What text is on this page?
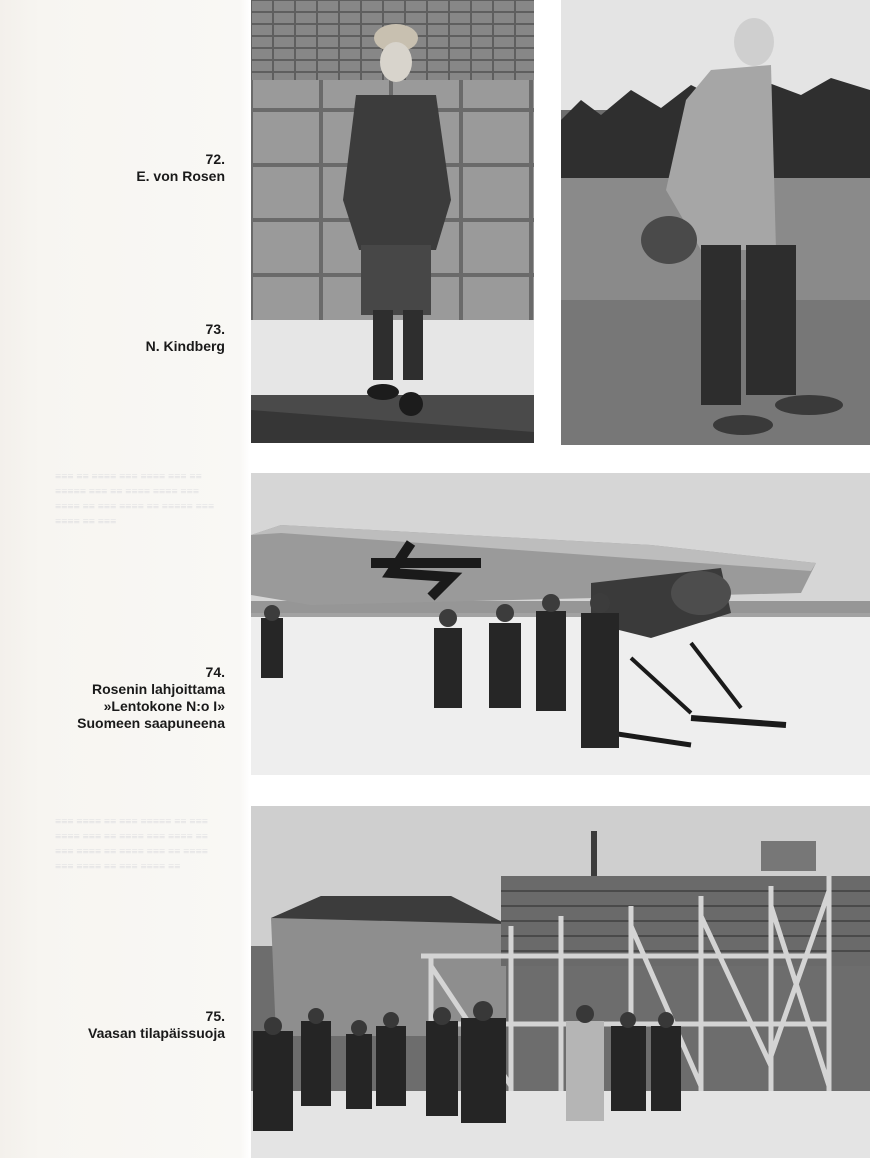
≡≡≡ ≡≡ ≡≡≡≡ ≡≡≡ ≡≡≡≡ ≡≡≡ ≡≡ ≡≡≡≡≡ ≡≡≡ ≡≡ ≡≡≡≡ ≡≡≡≡ ≡≡≡ ≡≡≡≡ ≡≡ ≡≡≡ ≡≡≡≡ ≡≡ ≡≡≡≡≡ ≡≡≡ ≡≡≡≡ ≡≡ ≡≡≡
≡≡≡ ≡≡≡≡ ≡≡ ≡≡≡ ≡≡≡≡≡ ≡≡ ≡≡≡ ≡≡≡≡ ≡≡≡ ≡≡ ≡≡≡≡ ≡≡≡ ≡≡≡≡ ≡≡ ≡≡≡ ≡≡≡≡ ≡≡ ≡≡≡≡ ≡≡≡ ≡≡ ≡≡≡≡ ≡≡≡ ≡≡≡≡ ≡≡ ≡≡≡ ≡≡≡≡ ≡≡

72.
E. von Rosen

73.
N. Kindberg

74.
Rosenin lahjoittama
»Lentokone N:o I»
Suomeen saapuneena

75.
Vaasan tilapäissuoja
